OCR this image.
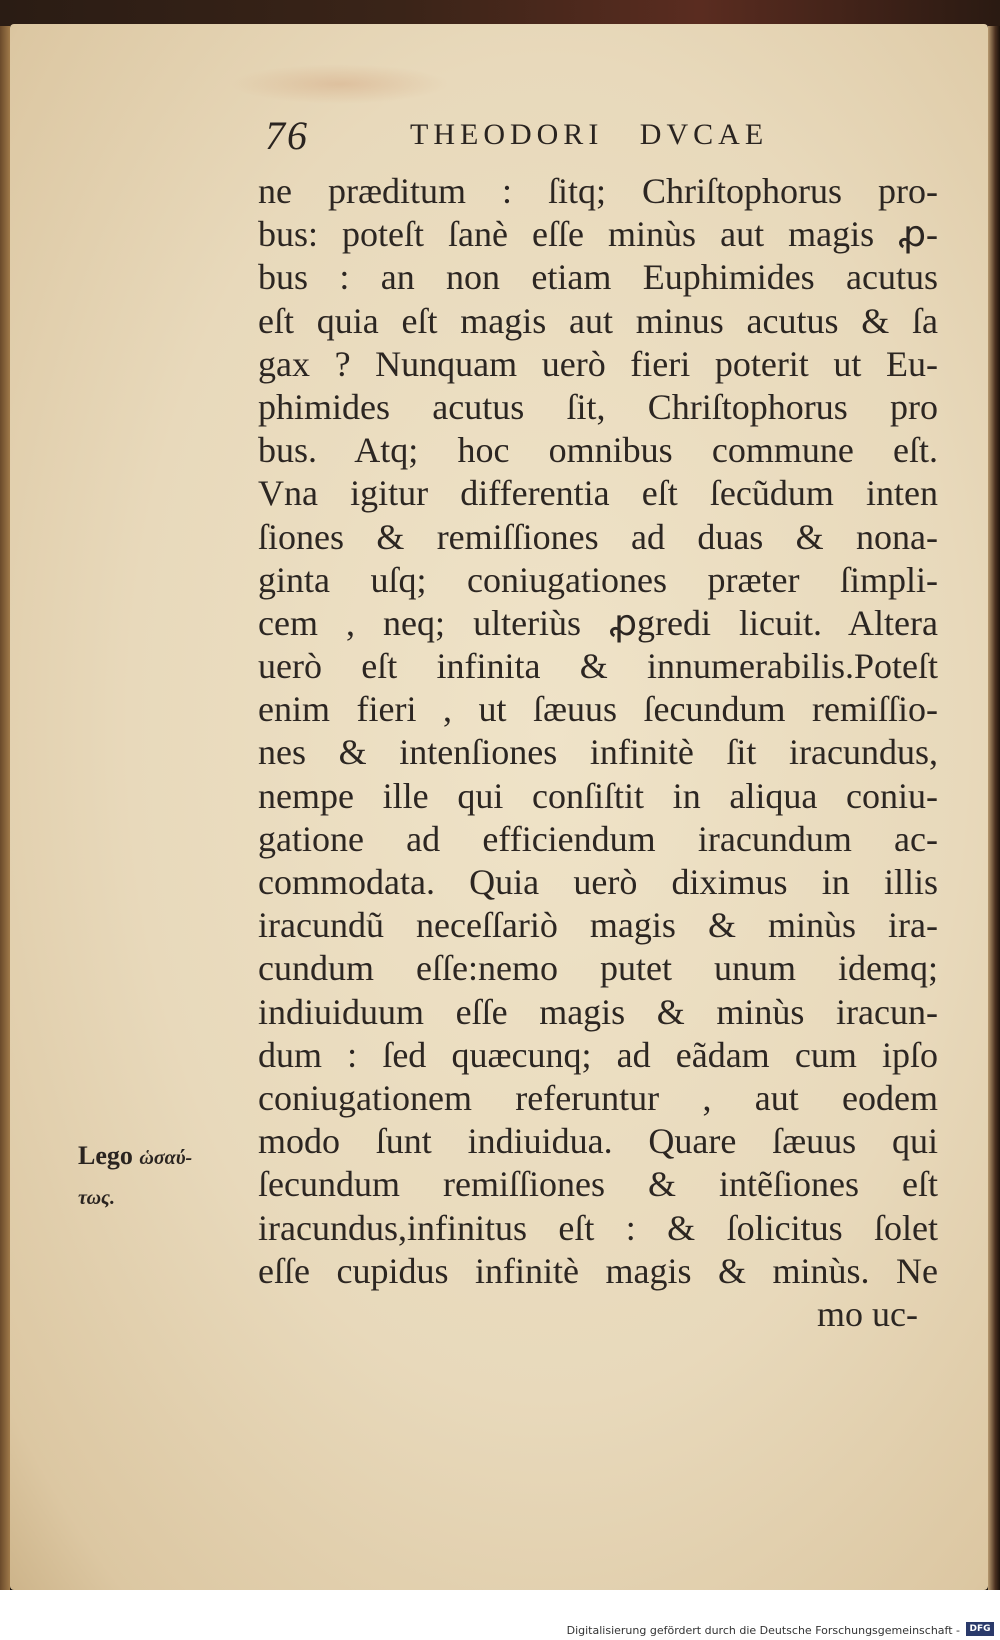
76	THEODORI DVCAE
ne præditum : ſitq; Chriſtophorus pro-
bus: poteſt ſanè eſſe minùs aut magis ꝓ-
bus : an non etiam Euphimides acutus
eſt quia eſt magis aut minus acutus & ſa
gax ? Nunquam uerò fieri poterit ut Eu-
phimides acutus ſit, Chriſtophorus pro
bus. Atq; hoc omnibus commune eſt.
Vna igitur differentia eſt ſecũdum inten
ſiones & remiſſiones ad duas & nona-
ginta uſq; coniugationes præter ſimpli-
cem , neq; ulteriùs ꝓgredi licuit. Altera
uerò eſt infinita & innumerabilis.Poteſt
enim fieri , ut ſæuus ſecundum remiſſio-
nes & intenſiones infinitè ſit iracundus,
nempe ille qui conſiſtit in aliqua coniu-
gatione ad efficiendum iracundum ac-
commodata. Quia uerò diximus in illis
iracundũ neceſſariò magis & minùs ira-
cundum eſſe:nemo putet unum idemq;
indiuiduum eſſe magis & minùs iracun-
dum : ſed quæcunq; ad eãdam cum ipſo
coniugationem referuntur , aut eodem
modo ſunt indiuidua. Quare ſæuus qui
ſecundum remiſſiones & intẽſiones eſt
iracundus,infinitus eſt : & ſolicitus ſolet
eſſe cupidus infinitè magis & minùs. Ne
mo uc-
Lego ὡσαύ-
τως.
Digitalisierung gefördert durch die Deutsche Forschungsgemeinschaft -	DFG
